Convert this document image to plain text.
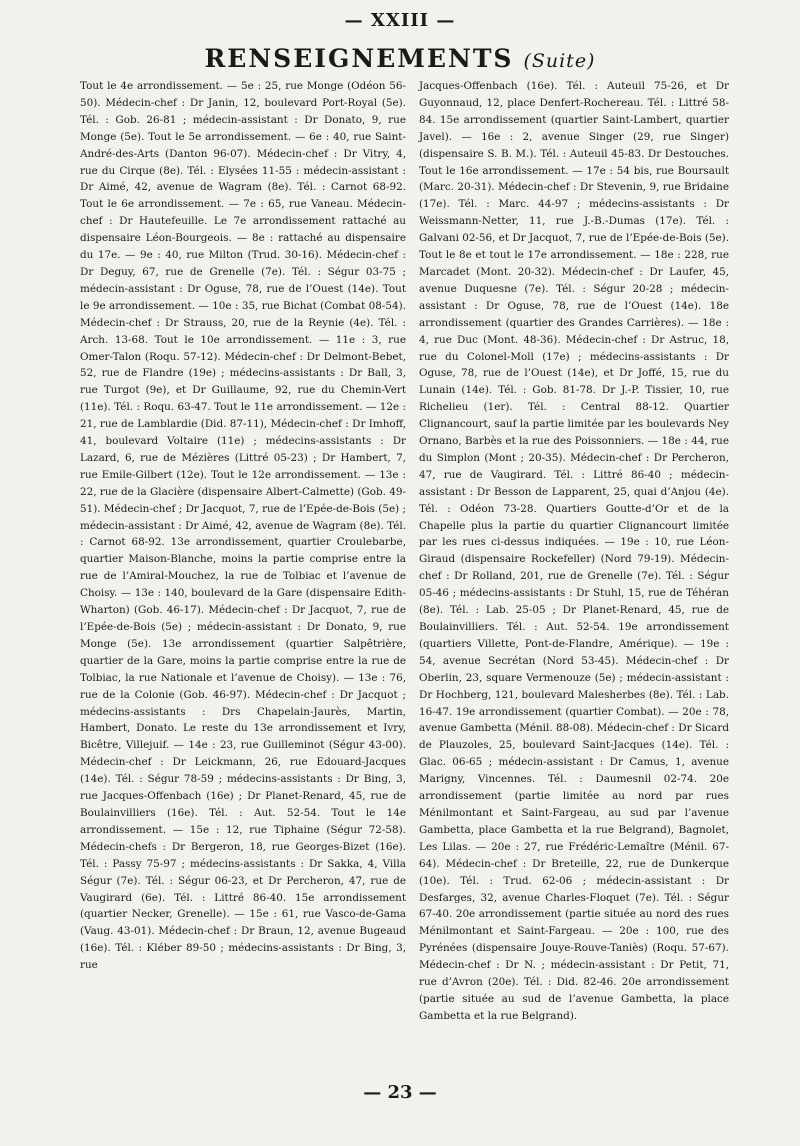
— XXIII —
RENSEIGNEMENTS (Suite)

Tout le 4e arrondissement. — 5e : 25, rue Monge (Odéon 56-50). Médecin-chef : Dr Janin, 12, boulevard Port-Royal (5e). Tél. : Gob. 26-81 ; médecin-assistant : Dr Donato, 9, rue Monge (5e). Tout le 5e arrondissement. — 6e : 40, rue Saint-André-des-Arts (Danton 96-07). Médecin-chef : Dr Vitry, 4, rue du Cirque (8e). Tél. : Elysées 11-55 : médecin-assistant : Dr Aimé, 42, avenue de Wagram (8e). Tél. : Carnot 68-92. Tout le 6e arrondissement. — 7e : 65, rue Vaneau. Médecin-chef : Dr Hautefeuille. Le 7e arrondissement rattaché au dispensaire Léon-Bourgeois. — 8e : rattaché au dispensaire du 17e. — 9e : 40, rue Milton (Trud. 30-16). Médecin-chef : Dr Deguy, 67, rue de Grenelle (7e). Tél. : Ségur 03-75 ; médecin-assistant : Dr Oguse, 78, rue de l’Ouest (14e). Tout le 9e arrondissement. — 10e : 35, rue Bichat (Combat 08-54). Médecin-chef : Dr Strauss, 20, rue de la Reynie (4e). Tél. : Arch. 13-68. Tout le 10e arrondissement. — 11e : 3, rue Omer-Talon (Roqu. 57-12). Médecin-chef : Dr Delmont-Bebet, 52, rue de Flandre (19e) ; médecins-assistants : Dr Ball, 3, rue Turgot (9e), et Dr Guillaume, 92, rue du Chemin-Vert (11e). Tél. : Roqu. 63-47. Tout le 11e arrondissement. — 12e : 21, rue de Lamblardie (Did. 87-11), Médecin-chef : Dr Imhoff, 41, boulevard Voltaire (11e) ; médecins-assistants : Dr Lazard, 6, rue de Mézières (Littré 05-23) ; Dr Hambert, 7, rue Emile-Gilbert (12e). Tout le 12e arrondissement. — 13e : 22, rue de la Glacière (dispensaire Albert-Calmette) (Gob. 49-51). Médecin-chef ; Dr Jacquot, 7, rue de l’Epée-de-Bois (5e) ; médecin-assistant : Dr Aimé, 42, avenue de Wagram (8e). Tél. : Carnot 68-92. 13e arrondissement, quartier Croulebarbe, quartier Maison-Blanche, moins la partie comprise entre la rue de l’Amiral-Mouchez, la rue de Tolbiac et l’avenue de Choisy. — 13e : 140, boulevard de la Gare (dispensaire Edith-Wharton) (Gob. 46-17). Médecin-chef : Dr Jacquot, 7, rue de l’Epée-de-Bois (5e) ; médecin-assistant : Dr Donato, 9, rue Monge (5e). 13e arrondissement (quartier Salpêtrière, quartier de la Gare, moins la partie comprise entre la rue de Tolbiac, la rue Nationale et l’avenue de Choisy). — 13e : 76, rue de la Colonie (Gob. 46-97). Médecin-chef : Dr Jacquot ; médecins-assistants : Drs Chapelain-Jaurès, Martin, Hambert, Donato. Le reste du 13e arrondissement et Ivry, Bicêtre, Villejuif. — 14e : 23, rue Guilleminot (Ségur 43-00). Médecin-chef : Dr Leickmann, 26, rue Edouard-Jacques (14e). Tél. : Ségur 78-59 ; médecins-assistants : Dr Bing, 3, rue Jacques-Offenbach (16e) ; Dr Planet-Renard, 45, rue de Boulainvilliers (16e). Tél. : Aut. 52-54. Tout le 14e arrondissement. — 15e : 12, rue Tiphaine (Ségur 72-58). Médecin-chefs : Dr Bergeron, 18, rue Georges-Bizet (16e). Tél. : Passy 75-97 ; médecins-assistants : Dr Sakka, 4, Villa Ségur (7e). Tél. : Ségur 06-23, et Dr Percheron, 47, rue de Vaugirard (6e). Tél. : Littré 86-40. 15e arrondissement (quartier Necker, Grenelle). — 15e : 61, rue Vasco-de-Gama (Vaug. 43-01). Médecin-chef : Dr Braun, 12, avenue Bugeaud (16e). Tél. : Kléber 89-50 ; médecins-assistants : Dr Bing, 3, rue

Jacques-Offenbach (16e). Tél. : Auteuil 75-26, et Dr Guyonnaud, 12, place Denfert-Rochereau. Tél. : Littré 58-84. 15e arrondissement (quartier Saint-Lambert, quartier Javel). — 16e : 2, avenue Singer (29, rue Singer) (dispensaire S. B. M.). Tél. : Auteuil 45-83. Dr Destouches. Tout le 16e arrondissement. — 17e : 54 bis, rue Boursault (Marc. 20-31). Médecin-chef : Dr Stevenin, 9, rue Bridaine (17e). Tél. : Marc. 44-97 ; médecins-assistants : Dr Weissmann-Netter, 11, rue J.-B.-Dumas (17e). Tél. : Galvani 02-56, et Dr Jacquot, 7, rue de l’Epée-de-Bois (5e). Tout le 8e et tout le 17e arrondissement. — 18e : 228, rue Marcadet (Mont. 20-32). Médecin-chef : Dr Laufer, 45, avenue Duquesne (7e). Tél. : Ségur 20-28 ; médecin-assistant : Dr Oguse, 78, rue de l’Ouest (14e). 18e arrondissement (quartier des Grandes Carrières). — 18e : 4, rue Duc (Mont. 48-36). Médecin-chef : Dr Astruc, 18, rue du Colonel-Moll (17e) ; médecins-assistants : Dr Oguse, 78, rue de l’Ouest (14e), et Dr Joffé, 15, rue du Lunain (14e). Tél. : Gob. 81-78. Dr J.-P. Tissier, 10, rue Richelieu (1er). Tél. : Central 88-12. Quartier Clignancourt, sauf la partie limitée par les boulevards Ney Ornano, Barbès et la rue des Poissonniers. — 18e : 44, rue du Simplon (Mont ; 20-35). Médecin-chef : Dr Percheron, 47, rue de Vaugirard. Tél. : Littré 86-40 ; médecin-assistant : Dr Besson de Lapparent, 25, quai d’Anjou (4e). Tél. : Odéon 73-28. Quartiers Goutte-d’Or et de la Chapelle plus la partie du quartier Clignancourt limitée par les rues ci-dessus indiquées. — 19e : 10, rue Léon-Giraud (dispensaire Rockefeller) (Nord 79-19). Médecin-chef : Dr Rolland, 201, rue de Grenelle (7e). Tél. : Ségur 05-46 ; médecins-assistants : Dr Stuhl, 15, rue de Téhéran (8e). Tél. : Lab. 25-05 ; Dr Planet-Renard, 45, rue de Boulainvilliers. Tél. : Aut. 52-54. 19e arrondissement (quartiers Villette, Pont-de-Flandre, Amérique). — 19e : 54, avenue Secrétan (Nord 53-45). Médecin-chef : Dr Oberlin, 23, square Vermenouze (5e) ; médecin-assistant : Dr Hochberg, 121, boulevard Malesherbes (8e). Tél. : Lab. 16-47. 19e arrondissement (quartier Combat). — 20e : 78, avenue Gambetta (Ménil. 88-08). Médecin-chef : Dr Sicard de Plauzoles, 25, boulevard Saint-Jacques (14e). Tél. : Glac. 06-65 ; médecin-assistant : Dr Camus, 1, avenue Marigny, Vincennes. Tél. : Daumesnil 02-74. 20e arrondissement (partie limitée au nord par rues Ménilmontant et Saint-Fargeau, au sud par l’avenue Gambetta, place Gambetta et la rue Belgrand), Bagnolet, Les Lilas. — 20e : 27, rue Frédéric-Lemaître (Ménil. 67-64). Médecin-chef : Dr Breteille, 22, rue de Dunkerque (10e). Tél. : Trud. 62-06 ; médecin-assistant : Dr Desfarges, 32, avenue Charles-Floquet (7e). Tél. : Ségur 67-40. 20e arrondissement (partie située au nord des rues Ménilmontant et Saint-Fargeau. — 20e : 100, rue des Pyrénées (dispensaire Jouye-Rouve-Taniès) (Roqu. 57-67). Médecin-chef : Dr N. ; médecin-assistant : Dr Petit, 71, rue d’Avron (20e). Tél. : Did. 82-46. 20e arrondissement (partie située au sud de l’avenue Gambetta, la place Gambetta et la rue Belgrand).

— 23 —
